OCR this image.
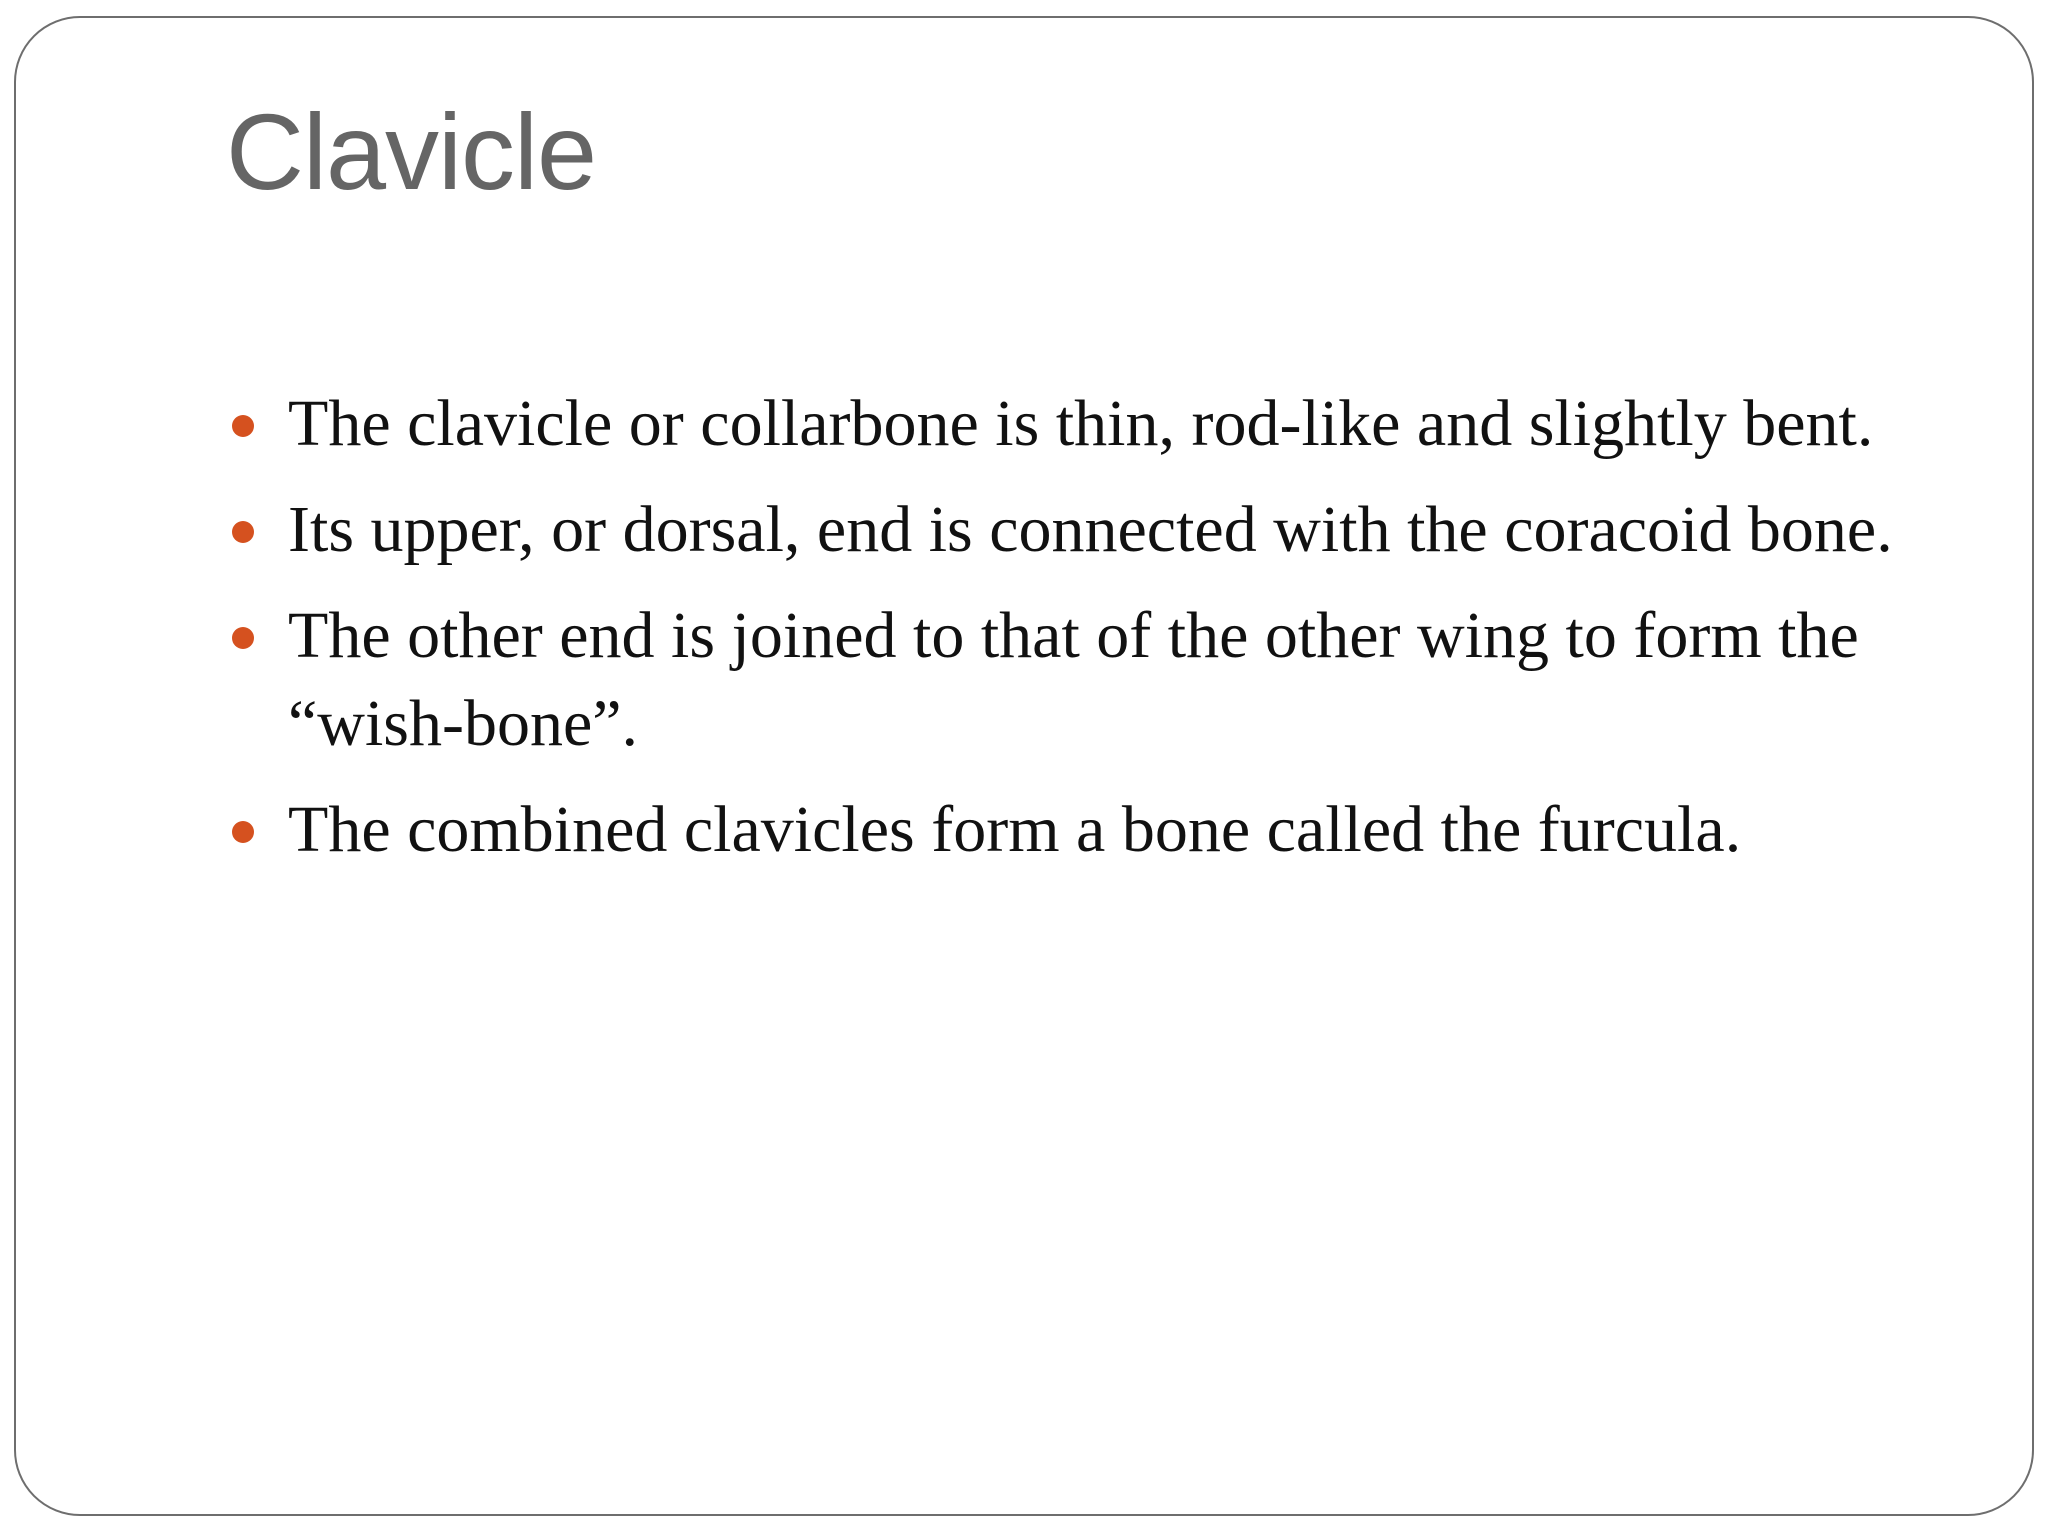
Clavicle
The clavicle or collarbone is thin, rod-like and slightly bent.
Its upper, or dorsal, end is connected with the coracoid bone.
The other end is joined to that of the other wing to form the “wish-bone”.
The combined clavicles form a bone called the furcula.
